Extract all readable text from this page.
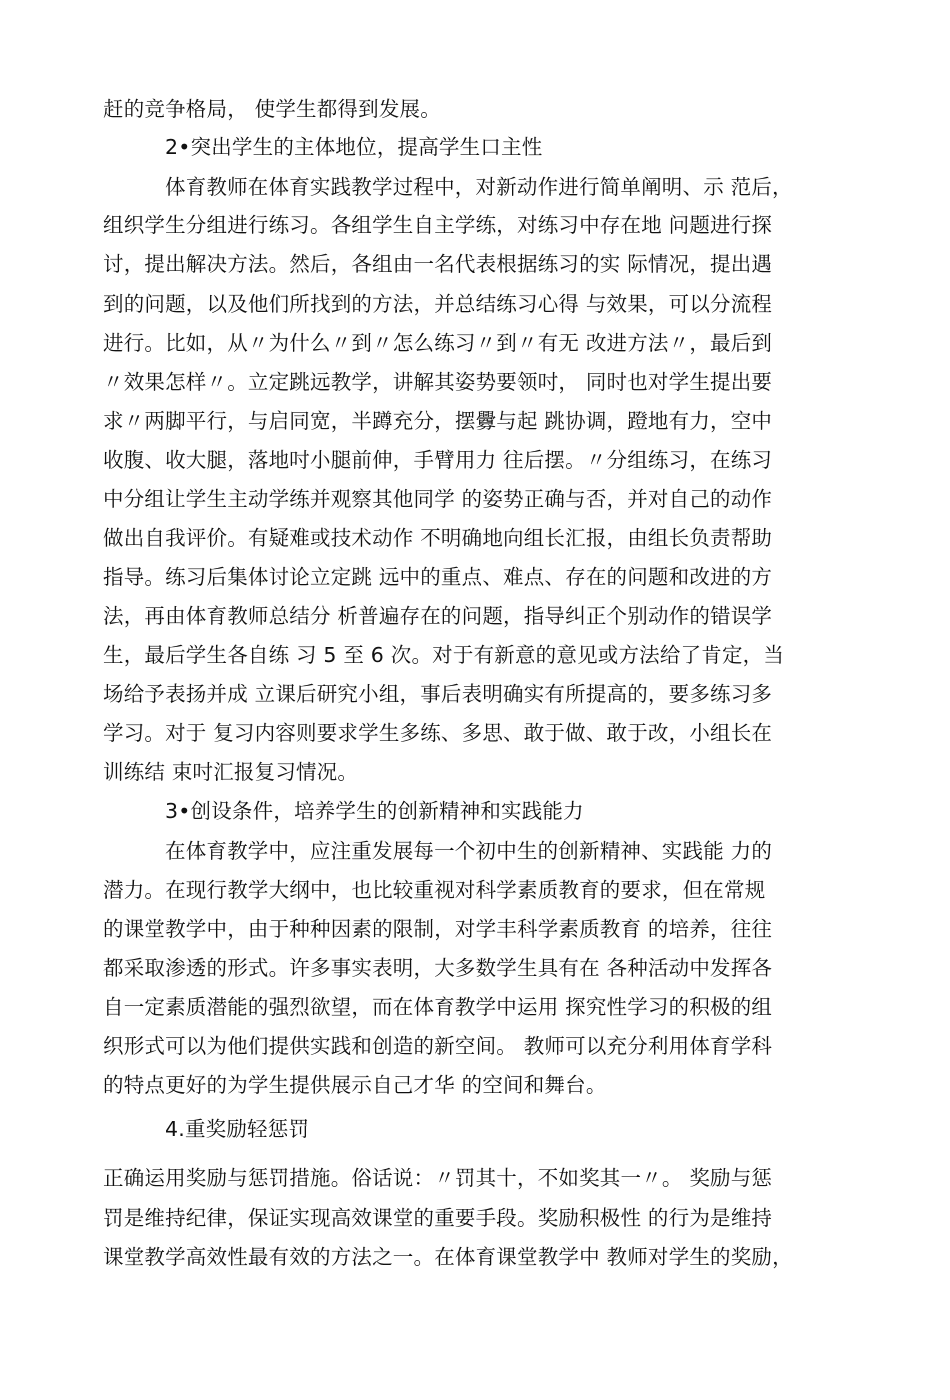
赶的竞争格局， 使学生都得到发展。
2•突出学生的主体地位，提高学生口主性
体育教师在体育实践教学过程中，对新动作进行简单阐明、示 范后，
组织学生分组进行练习。各组学生自主学练，对练习中存在地 问题进行探
讨，提出解决方法。然后，各组由一名代表根据练习的实 际情况，提出遇
到的问题，以及他们所找到的方法，并总结练习心得 与效果，可以分流程
进行。比如，从〃为什么〃到〃怎么练习〃到〃有无 改进方法〃，最后到
〃效果怎样〃。立定跳远教学，讲解其姿势要领吋， 同时也对学生提出要
求〃两脚平行，与启同宽，半蹲充分，摆釁与起 跳协调，蹬地有力，空中
收腹、收大腿，落地吋小腿前伸，手臂用力 往后摆。〃分组练习，在练习
中分组让学生主动学练并观察其他同学 的姿势正确与否，并对自己的动作
做出自我评价。有疑难或技术动作 不明确地向组长汇报，由组长负责帮助
指导。练习后集体讨论立定跳 远中的重点、难点、存在的问题和改进的方
法，再由体育教师总结分 析普遍存在的问题，指导纠正个别动作的错误学
生，最后学生各自练 习 5 至 6 次。对于有新意的意见或方法给了肯定，当
场给予表扬并成 立课后研究小组，事后表明确实有所提高的，要多练习多
学习。对于 复习内容则要求学生多练、多思、敢于做、敢于改，小组长在
训练结 束吋汇报复习情况。
3•创设条件，培养学生的创新精神和实践能力
在体育教学中，应注重发展每一个初中生的创新精神、实践能 力的
潜力。在现行教学大纲中，也比较重视对科学素质教育的要求，但在常规
的课堂教学中，由于种种因素的限制，对学丰科学素质教育 的培养，往往
都采取渗透的形式。许多事实表明，大多数学生具有在 各种活动中发挥各
自一定素质潜能的强烈欲望，而在体育教学中运用 探究性学习的积极的组
织形式可以为他们提供实践和创造的新空间。 教师可以充分利用体育学科
的特点更好的为学生提供展示自己才华 的空间和舞台。
4.重奖励轻惩罚
正确运用奖励与惩罚措施。俗话说：〃罚其十，不如奖其一〃。 奖励与惩
罚是维持纪律，保证实现高效课堂的重要手段。奖励积极性 的行为是维持
课堂教学高效性最有效的方法之一。在体育课堂教学中 教师对学生的奖励，
